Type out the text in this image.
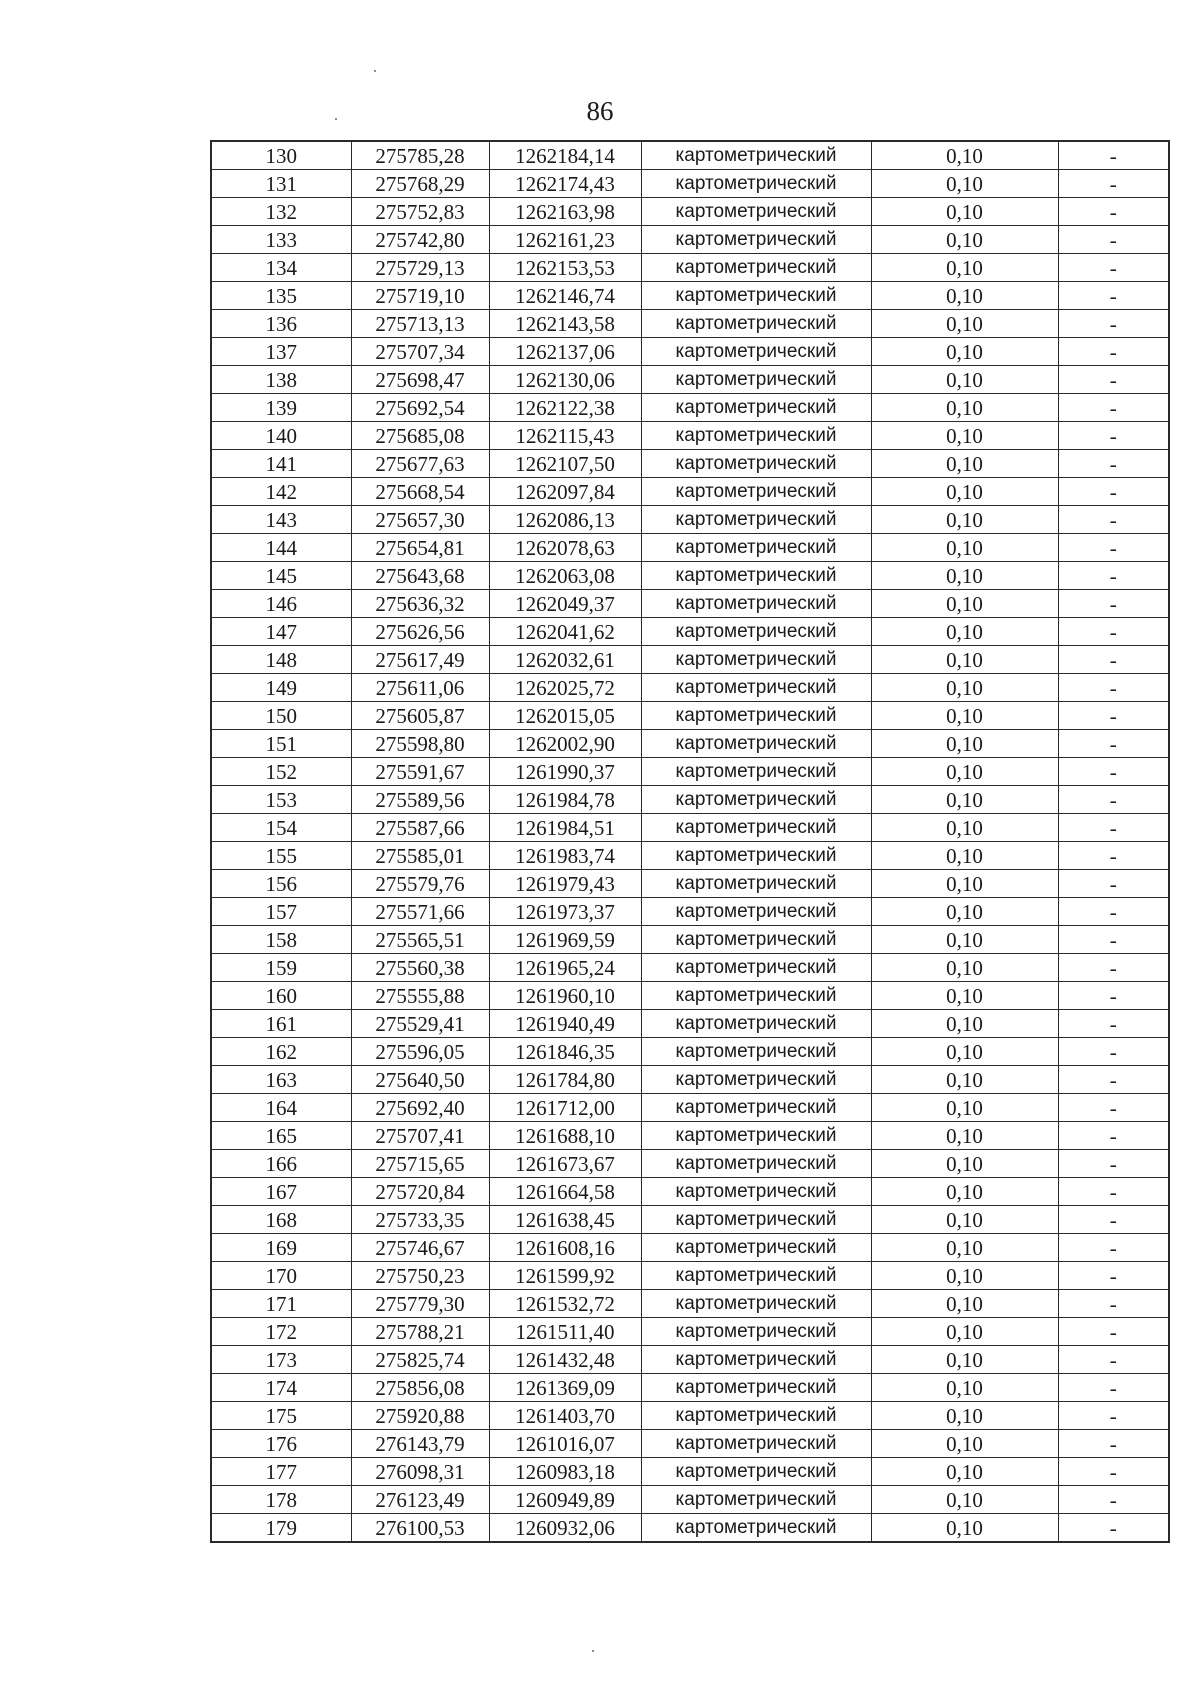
86
130	275785,28	1262184,14	картометрический	0,10	-
131	275768,29	1262174,43	картометрический	0,10	-
132	275752,83	1262163,98	картометрический	0,10	-
133	275742,80	1262161,23	картометрический	0,10	-
134	275729,13	1262153,53	картометрический	0,10	-
135	275719,10	1262146,74	картометрический	0,10	-
136	275713,13	1262143,58	картометрический	0,10	-
137	275707,34	1262137,06	картометрический	0,10	-
138	275698,47	1262130,06	картометрический	0,10	-
139	275692,54	1262122,38	картометрический	0,10	-
140	275685,08	1262115,43	картометрический	0,10	-
141	275677,63	1262107,50	картометрический	0,10	-
142	275668,54	1262097,84	картометрический	0,10	-
143	275657,30	1262086,13	картометрический	0,10	-
144	275654,81	1262078,63	картометрический	0,10	-
145	275643,68	1262063,08	картометрический	0,10	-
146	275636,32	1262049,37	картометрический	0,10	-
147	275626,56	1262041,62	картометрический	0,10	-
148	275617,49	1262032,61	картометрический	0,10	-
149	275611,06	1262025,72	картометрический	0,10	-
150	275605,87	1262015,05	картометрический	0,10	-
151	275598,80	1262002,90	картометрический	0,10	-
152	275591,67	1261990,37	картометрический	0,10	-
153	275589,56	1261984,78	картометрический	0,10	-
154	275587,66	1261984,51	картометрический	0,10	-
155	275585,01	1261983,74	картометрический	0,10	-
156	275579,76	1261979,43	картометрический	0,10	-
157	275571,66	1261973,37	картометрический	0,10	-
158	275565,51	1261969,59	картометрический	0,10	-
159	275560,38	1261965,24	картометрический	0,10	-
160	275555,88	1261960,10	картометрический	0,10	-
161	275529,41	1261940,49	картометрический	0,10	-
162	275596,05	1261846,35	картометрический	0,10	-
163	275640,50	1261784,80	картометрический	0,10	-
164	275692,40	1261712,00	картометрический	0,10	-
165	275707,41	1261688,10	картометрический	0,10	-
166	275715,65	1261673,67	картометрический	0,10	-
167	275720,84	1261664,58	картометрический	0,10	-
168	275733,35	1261638,45	картометрический	0,10	-
169	275746,67	1261608,16	картометрический	0,10	-
170	275750,23	1261599,92	картометрический	0,10	-
171	275779,30	1261532,72	картометрический	0,10	-
172	275788,21	1261511,40	картометрический	0,10	-
173	275825,74	1261432,48	картометрический	0,10	-
174	275856,08	1261369,09	картометрический	0,10	-
175	275920,88	1261403,70	картометрический	0,10	-
176	276143,79	1261016,07	картометрический	0,10	-
177	276098,31	1260983,18	картометрический	0,10	-
178	276123,49	1260949,89	картометрический	0,10	-
179	276100,53	1260932,06	картометрический	0,10	-
